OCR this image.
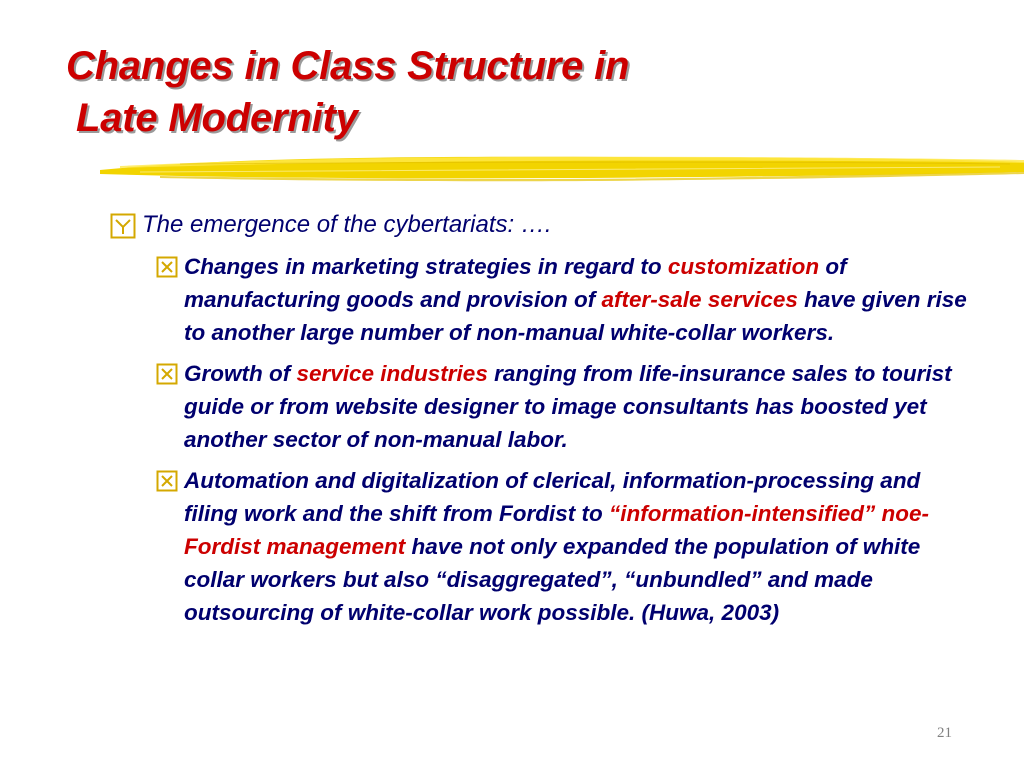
Changes in Class Structure in
Late Modernity
The emergence of the cybertariats: ….
Changes in marketing strategies in regard to customization of manufacturing goods and provision of after-sale services have given rise to another large number of non-manual white-collar workers.
Growth of service industries ranging from life-insurance sales to tourist guide or from website designer to image consultants has boosted yet another sector of non-manual labor.
Automation and digitalization of clerical, information-processing and filing work and the shift from Fordist to “information-intensified” noe-Fordist management have not only expanded the population of white collar workers but also “disaggregated”, “unbundled” and made outsourcing of white-collar work possible. (Huwa, 2003)
21
